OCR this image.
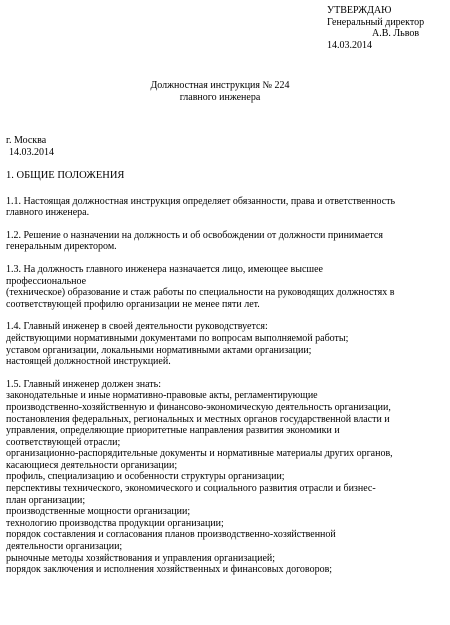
УТВЕРЖДАЮ
Генеральный директор
А.В. Львов
14.03.2014
Должностная инструкция № 224
главного инженера
г. Москва
14.03.2014
1. ОБЩИЕ ПОЛОЖЕНИЯ
1.1. Настоящая должностная инструкция определяет обязанности, права и ответственность
главного инженера.
1.2. Решение о назначении на должность и об освобождении от должности принимается
генеральным директором.
1.3. На должность главного инженера назначается лицо, имеющее высшее
профессиональное
(техническое) образование и стаж работы по специальности на руководящих должностях в
соответствующей профилю организации не менее пяти лет.
1.4. Главный инженер в своей деятельности руководствуется:
действующими нормативными документами по вопросам выполняемой работы;
уставом организации, локальными нормативными актами организации;
настоящей должностной инструкцией.
1.5. Главный инженер должен знать:
законодательные и иные нормативно-правовые акты, регламентирующие
производственно-хозяйственную и финансово-экономическую деятельность организации,
постановления федеральных, региональных и местных органов государственной власти и
управления, определяющие приоритетные направления развития экономики и
соответствующей отрасли;
организационно-распорядительные документы и нормативные материалы других органов,
касающиеся деятельности организации;
профиль, специализацию и особенности структуры организации;
перспективы технического, экономического и социального развития отрасли и бизнес-
план организации;
производственные мощности организации;
технологию производства продукции организации;
порядок составления и согласования планов производственно-хозяйственной
деятельности организации;
рыночные методы хозяйствования и управления организацией;
порядок заключения и исполнения хозяйственных и финансовых договоров;
